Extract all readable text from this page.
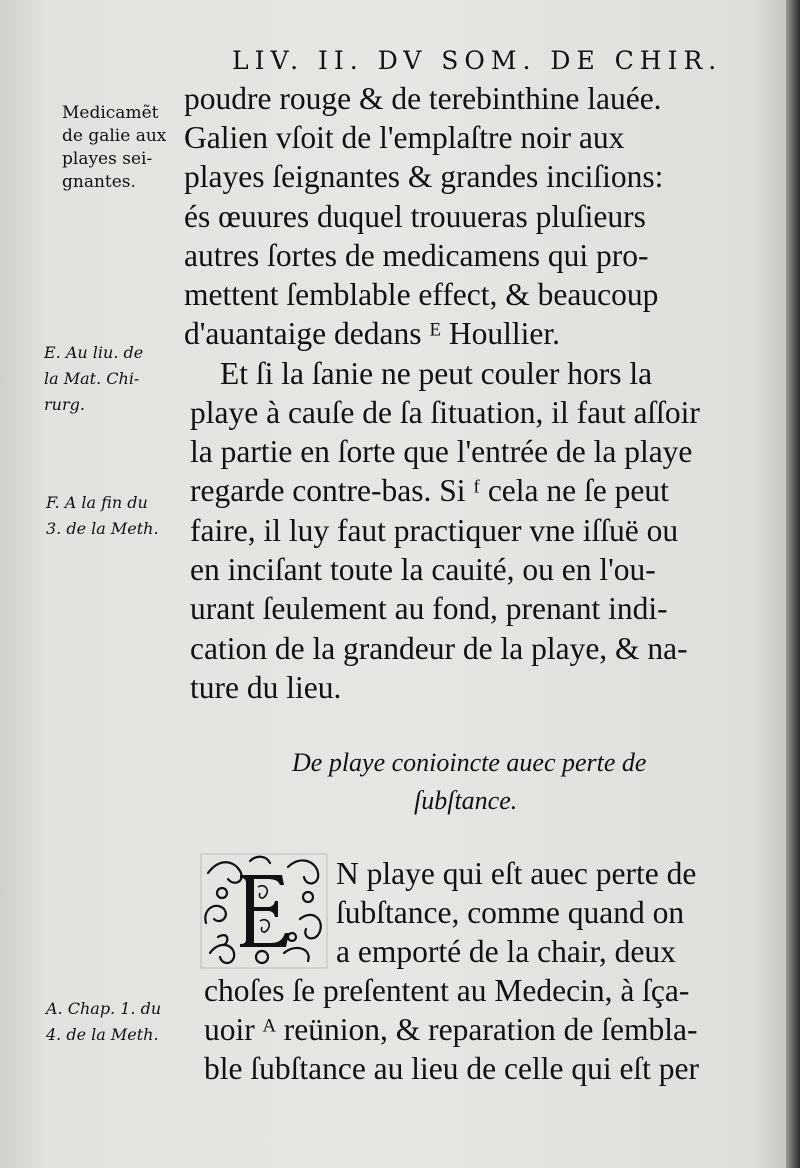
LIV. II. DV SOM. DE CHIR.
Medicamẽt
de galie aux
playes sei-
gnantes.
E. Au liu. de
la Mat. Chi-
rurg.
F. A la fin du
3. de la Meth.
A. Chap. 1. du
4. de la Meth.
poudre rouge & de terebinthine lauée.
Galien vſoit de l'emplaſtre noir aux
playes ſeignantes & grandes inciſions:
és œuures duquel trouueras pluſieurs
autres ſortes de medicamens qui pro-
mettent ſemblable effect, & beaucoup
d'auantaige dedans ᴱ Houllier.
Et ſi la ſanie ne peut couler hors la
playe à cauſe de ſa ſituation, il faut aſſoir
la partie en ſorte que l'entrée de la playe
regarde contre-bas. Si ᶠ cela ne ſe peut
faire, il luy faut practiquer vne iſſuë ou
en inciſant toute la cauité, ou en l'ou-
urant ſeulement au fond, prenant indi-
cation de la grandeur de la playe, & na-
ture du lieu.
De playe conioincte auec perte de
ſubſtance.
N playe qui eſt auec perte de
ſubſtance, comme quand on
a emporté de la chair, deux
choſes ſe preſentent au Medecin, à ſça-
uoir ᴬ reünion, & reparation de ſembla-
ble ſubſtance au lieu de celle qui eſt per
